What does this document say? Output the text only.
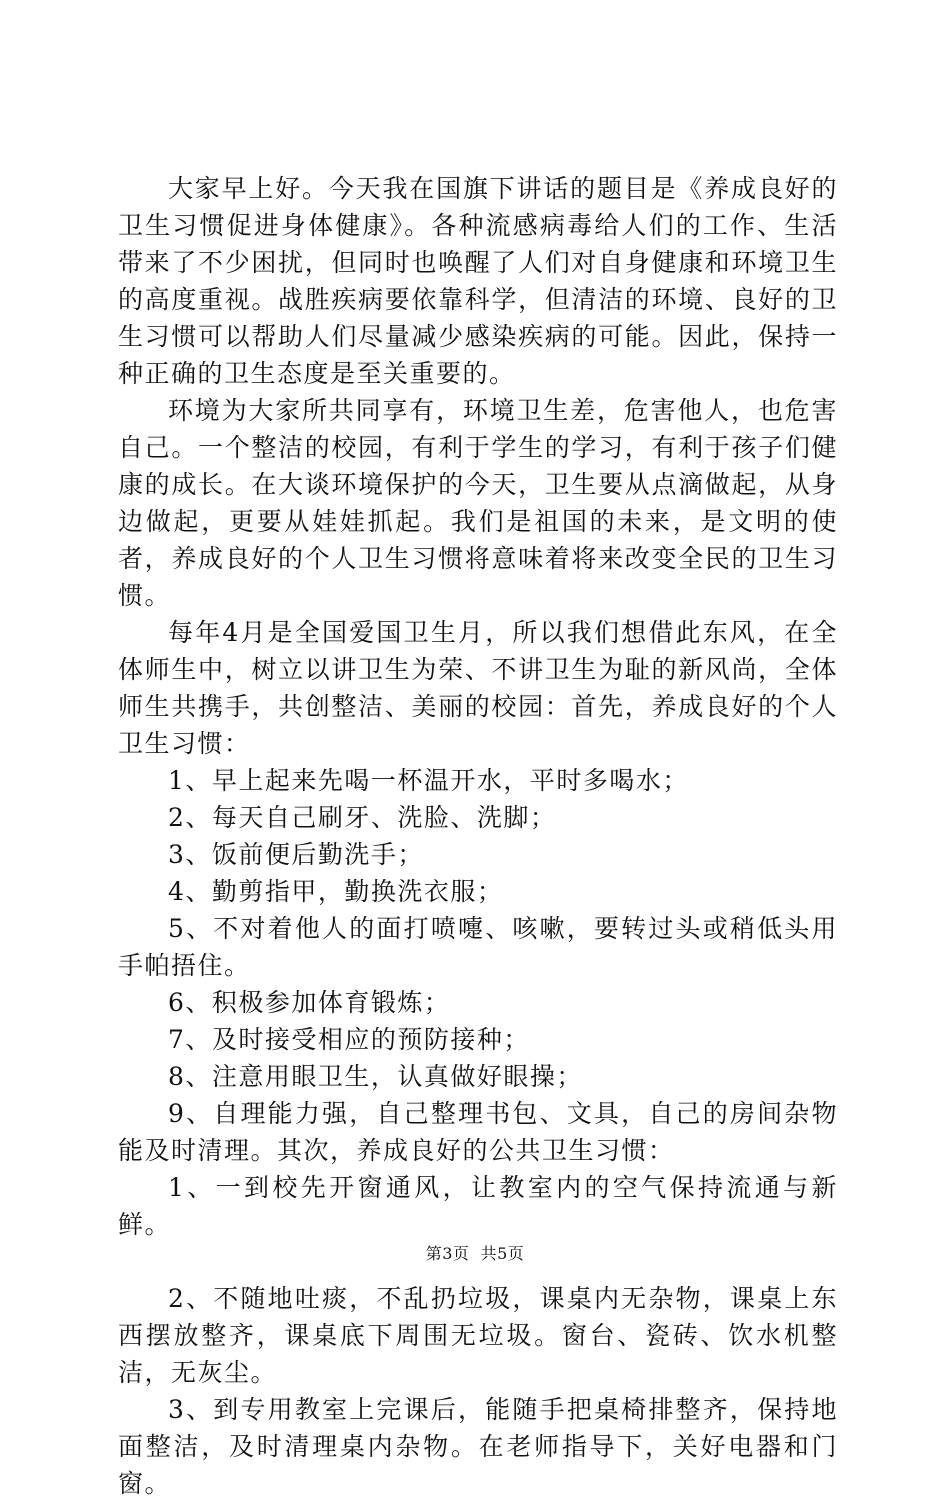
大家早上好。今天我在国旗下讲话的题目是《养成良好的卫生习惯促进身体健康》。各种流感病毒给人们的工作、生活带来了不少困扰，但同时也唤醒了人们对自身健康和环境卫生的高度重视。战胜疾病要依靠科学，但清洁的环境、良好的卫生习惯可以帮助人们尽量减少感染疾病的可能。因此，保持一种正确的卫生态度是至关重要的。

环境为大家所共同享有，环境卫生差，危害他人，也危害自己。一个整洁的校园，有利于学生的学习，有利于孩子们健康的成长。在大谈环境保护的今天，卫生要从点滴做起，从身边做起，更要从娃娃抓起。我们是祖国的未来，是文明的使者，养成良好的个人卫生习惯将意味着将来改变全民的卫生习惯。

每年4月是全国爱国卫生月，所以我们想借此东风，在全体师生中，树立以讲卫生为荣、不讲卫生为耻的新风尚，全体师生共携手，共创整洁、美丽的校园：首先，养成良好的个人卫生习惯：

1、早上起来先喝一杯温开水，平时多喝水；

2、每天自己刷牙、洗脸、洗脚；

3、饭前便后勤洗手；

4、勤剪指甲，勤换洗衣服；

5、不对着他人的面打喷嚏、咳嗽，要转过头或稍低头用手帕捂住。

6、积极参加体育锻炼；

7、及时接受相应的预防接种；

8、注意用眼卫生，认真做好眼操；

9、自理能力强，自己整理书包、文具，自己的房间杂物能及时清理。其次，养成良好的公共卫生习惯：

1、一到校先开窗通风，让教室内的空气保持流通与新鲜。

2、不随地吐痰，不乱扔垃圾，课桌内无杂物，课桌上东西摆放整齐，课桌底下周围无垃圾。窗台、瓷砖、饮水机整洁，无灰尘。

3、到专用教室上完课后，能随手把桌椅排整齐，保持地面整洁，及时清理桌内杂物。在老师指导下，关好电器和门窗。

第3页 共5页
